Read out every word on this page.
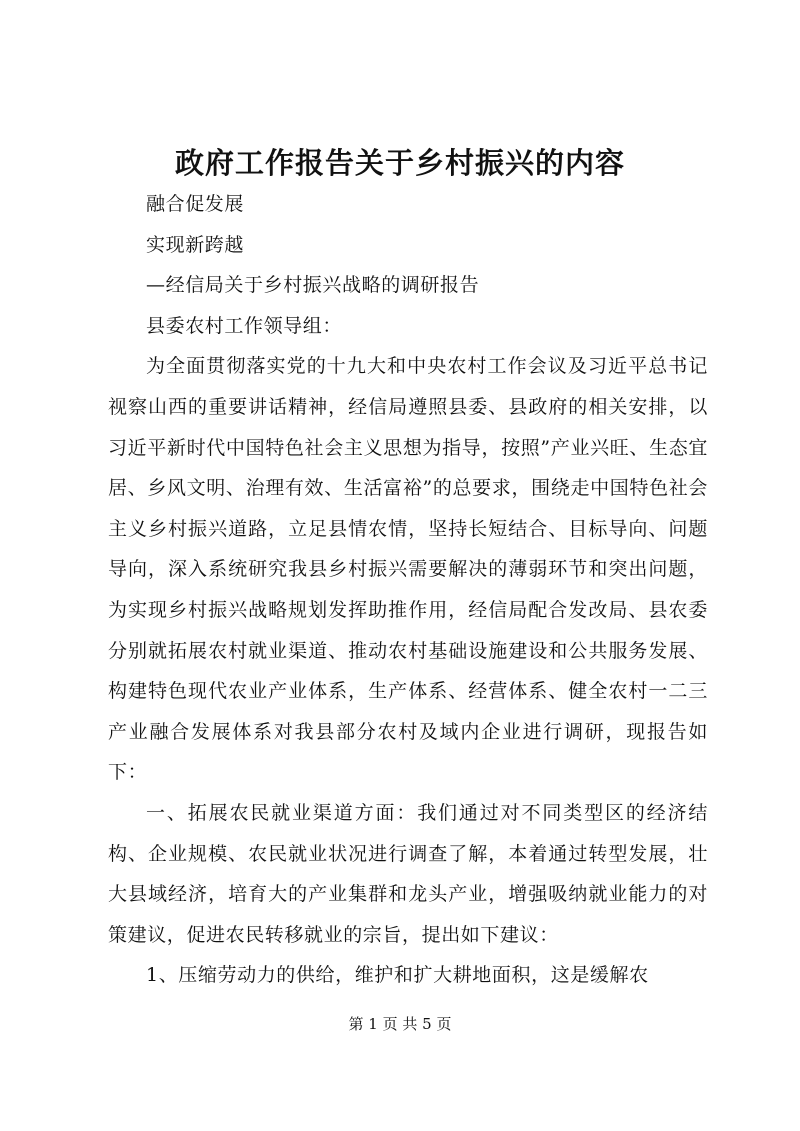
政府工作报告关于乡村振兴的内容

融合促发展

实现新跨越

—经信局关于乡村振兴战略的调研报告

县委农村工作领导组：

为全面贯彻落实党的十九大和中央农村工作会议及习近平总书记视察山西的重要讲话精神，经信局遵照县委、县政府的相关安排，以习近平新时代中国特色社会主义思想为指导，按照”产业兴旺、生态宜居、乡风文明、治理有效、生活富裕”的总要求，围绕走中国特色社会主义乡村振兴道路，立足县情农情，坚持长短结合、目标导向、问题导向，深入系统研究我县乡村振兴需要解决的薄弱环节和突出问题，为实现乡村振兴战略规划发挥助推作用，经信局配合发改局、县农委分别就拓展农村就业渠道、推动农村基础设施建设和公共服务发展、构建特色现代农业产业体系，生产体系、经营体系、健全农村一二三产业融合发展体系对我县部分农村及域内企业进行调研，现报告如下：

一、拓展农民就业渠道方面：我们通过对不同类型区的经济结构、企业规模、农民就业状况进行调查了解，本着通过转型发展，壮大县域经济，培育大的产业集群和龙头产业，增强吸纳就业能力的对策建议，促进农民转移就业的宗旨，提出如下建议：

1、压缩劳动力的供给，维护和扩大耕地面积，这是缓解农

第 1 页 共 5 页
